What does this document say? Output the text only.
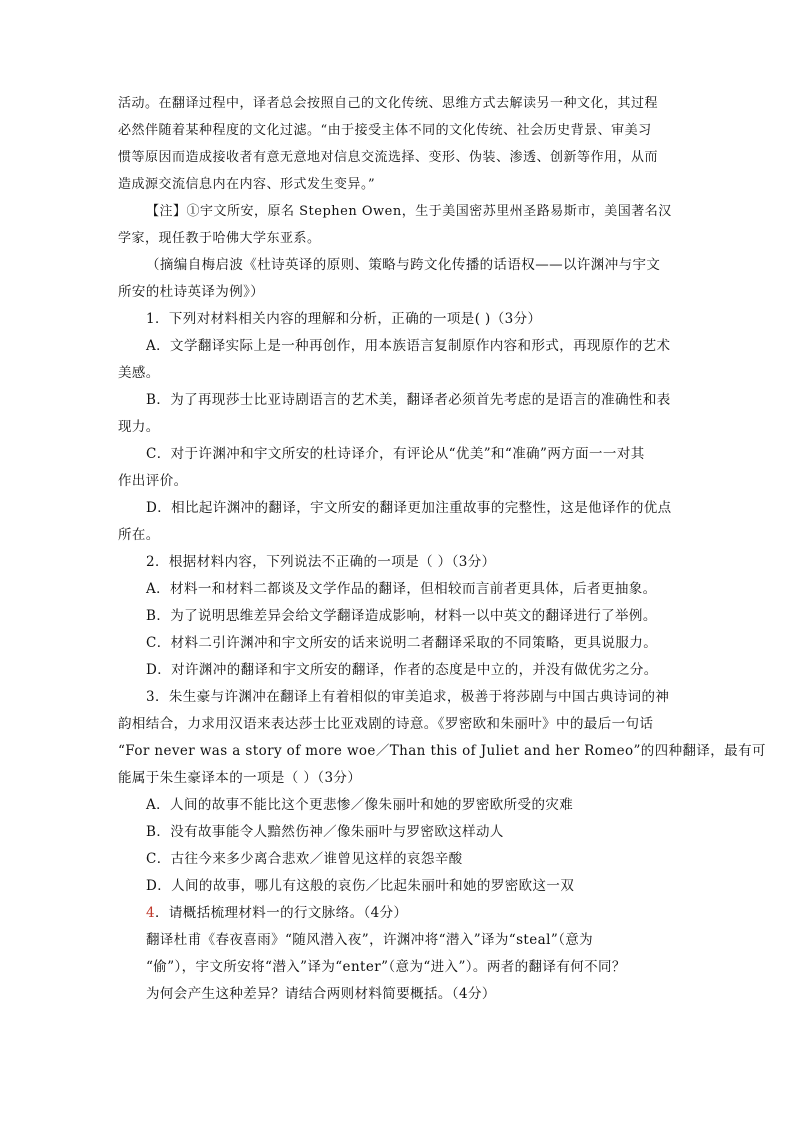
活动。在翻译过程中，译者总会按照自己的文化传统、思维方式去解读另一种文化，其过程
必然伴随着某种程度的文化过滤。“由于接受主体不同的文化传统、社会历史背景、审美习
惯等原因而造成接收者有意无意地对信息交流选择、变形、伪装、渗透、创新等作用，从而
造成源交流信息内在内容、形式发生变异。”
【注】①宇文所安，原名 Stephen Owen，生于美国密苏里州圣路易斯市，美国著名汉
学家，现任教于哈佛大学东亚系。
（摘编自梅启波《杜诗英译的原则、策略与跨文化传播的话语权——以许渊冲与宇文
所安的杜诗英译为例》）
1．下列对材料相关内容的理解和分析，正确的一项是( )（3分）
A．文学翻译实际上是一种再创作，用本族语言复制原作内容和形式，再现原作的艺术
美感。
B．为了再现莎士比亚诗剧语言的艺术美，翻译者必须首先考虑的是语言的准确性和表
现力。
C．对于许渊冲和宇文所安的杜诗译介，有评论从“优美”和“准确”两方面一一对其
作出评价。
D．相比起许渊冲的翻译，宇文所安的翻译更加注重故事的完整性，这是他译作的优点
所在。
2．根据材料内容，下列说法不正确的一项是（ ）（3分）
A．材料一和材料二都谈及文学作品的翻译，但相较而言前者更具体，后者更抽象。
B．为了说明思维差异会给文学翻译造成影响，材料一以中英文的翻译进行了举例。
C．材料二引许渊冲和宇文所安的话来说明二者翻译采取的不同策略，更具说服力。
D．对许渊冲的翻译和宇文所安的翻译，作者的态度是中立的，并没有做优劣之分。
3．朱生豪与许渊冲在翻译上有着相似的审美追求，极善于将莎剧与中国古典诗词的神
韵相结合，力求用汉语来表达莎士比亚戏剧的诗意。《罗密欧和朱丽叶》中的最后一句话
“For never was a story of more woe／Than this of Juliet and her Romeo”的四种翻译，最有可
能属于朱生豪译本的一项是（ ）（3分）
A．人间的故事不能比这个更悲惨／像朱丽叶和她的罗密欧所受的灾难
B．没有故事能令人黯然伤神／像朱丽叶与罗密欧这样动人
C．古往今来多少离合悲欢／谁曾见这样的哀怨辛酸
D．人间的故事，哪儿有这般的哀伤／比起朱丽叶和她的罗密欧这一双
4．请概括梳理材料一的行文脉络。（4分）
翻译杜甫《春夜喜雨》“随风潜入夜”，许渊冲将“潜入”译为“steal”（意为
“偷”），宇文所安将“潜入”译为“enter”（意为“进入”）。两者的翻译有何不同？
为何会产生这种差异？请结合两则材料简要概括。（4分）
